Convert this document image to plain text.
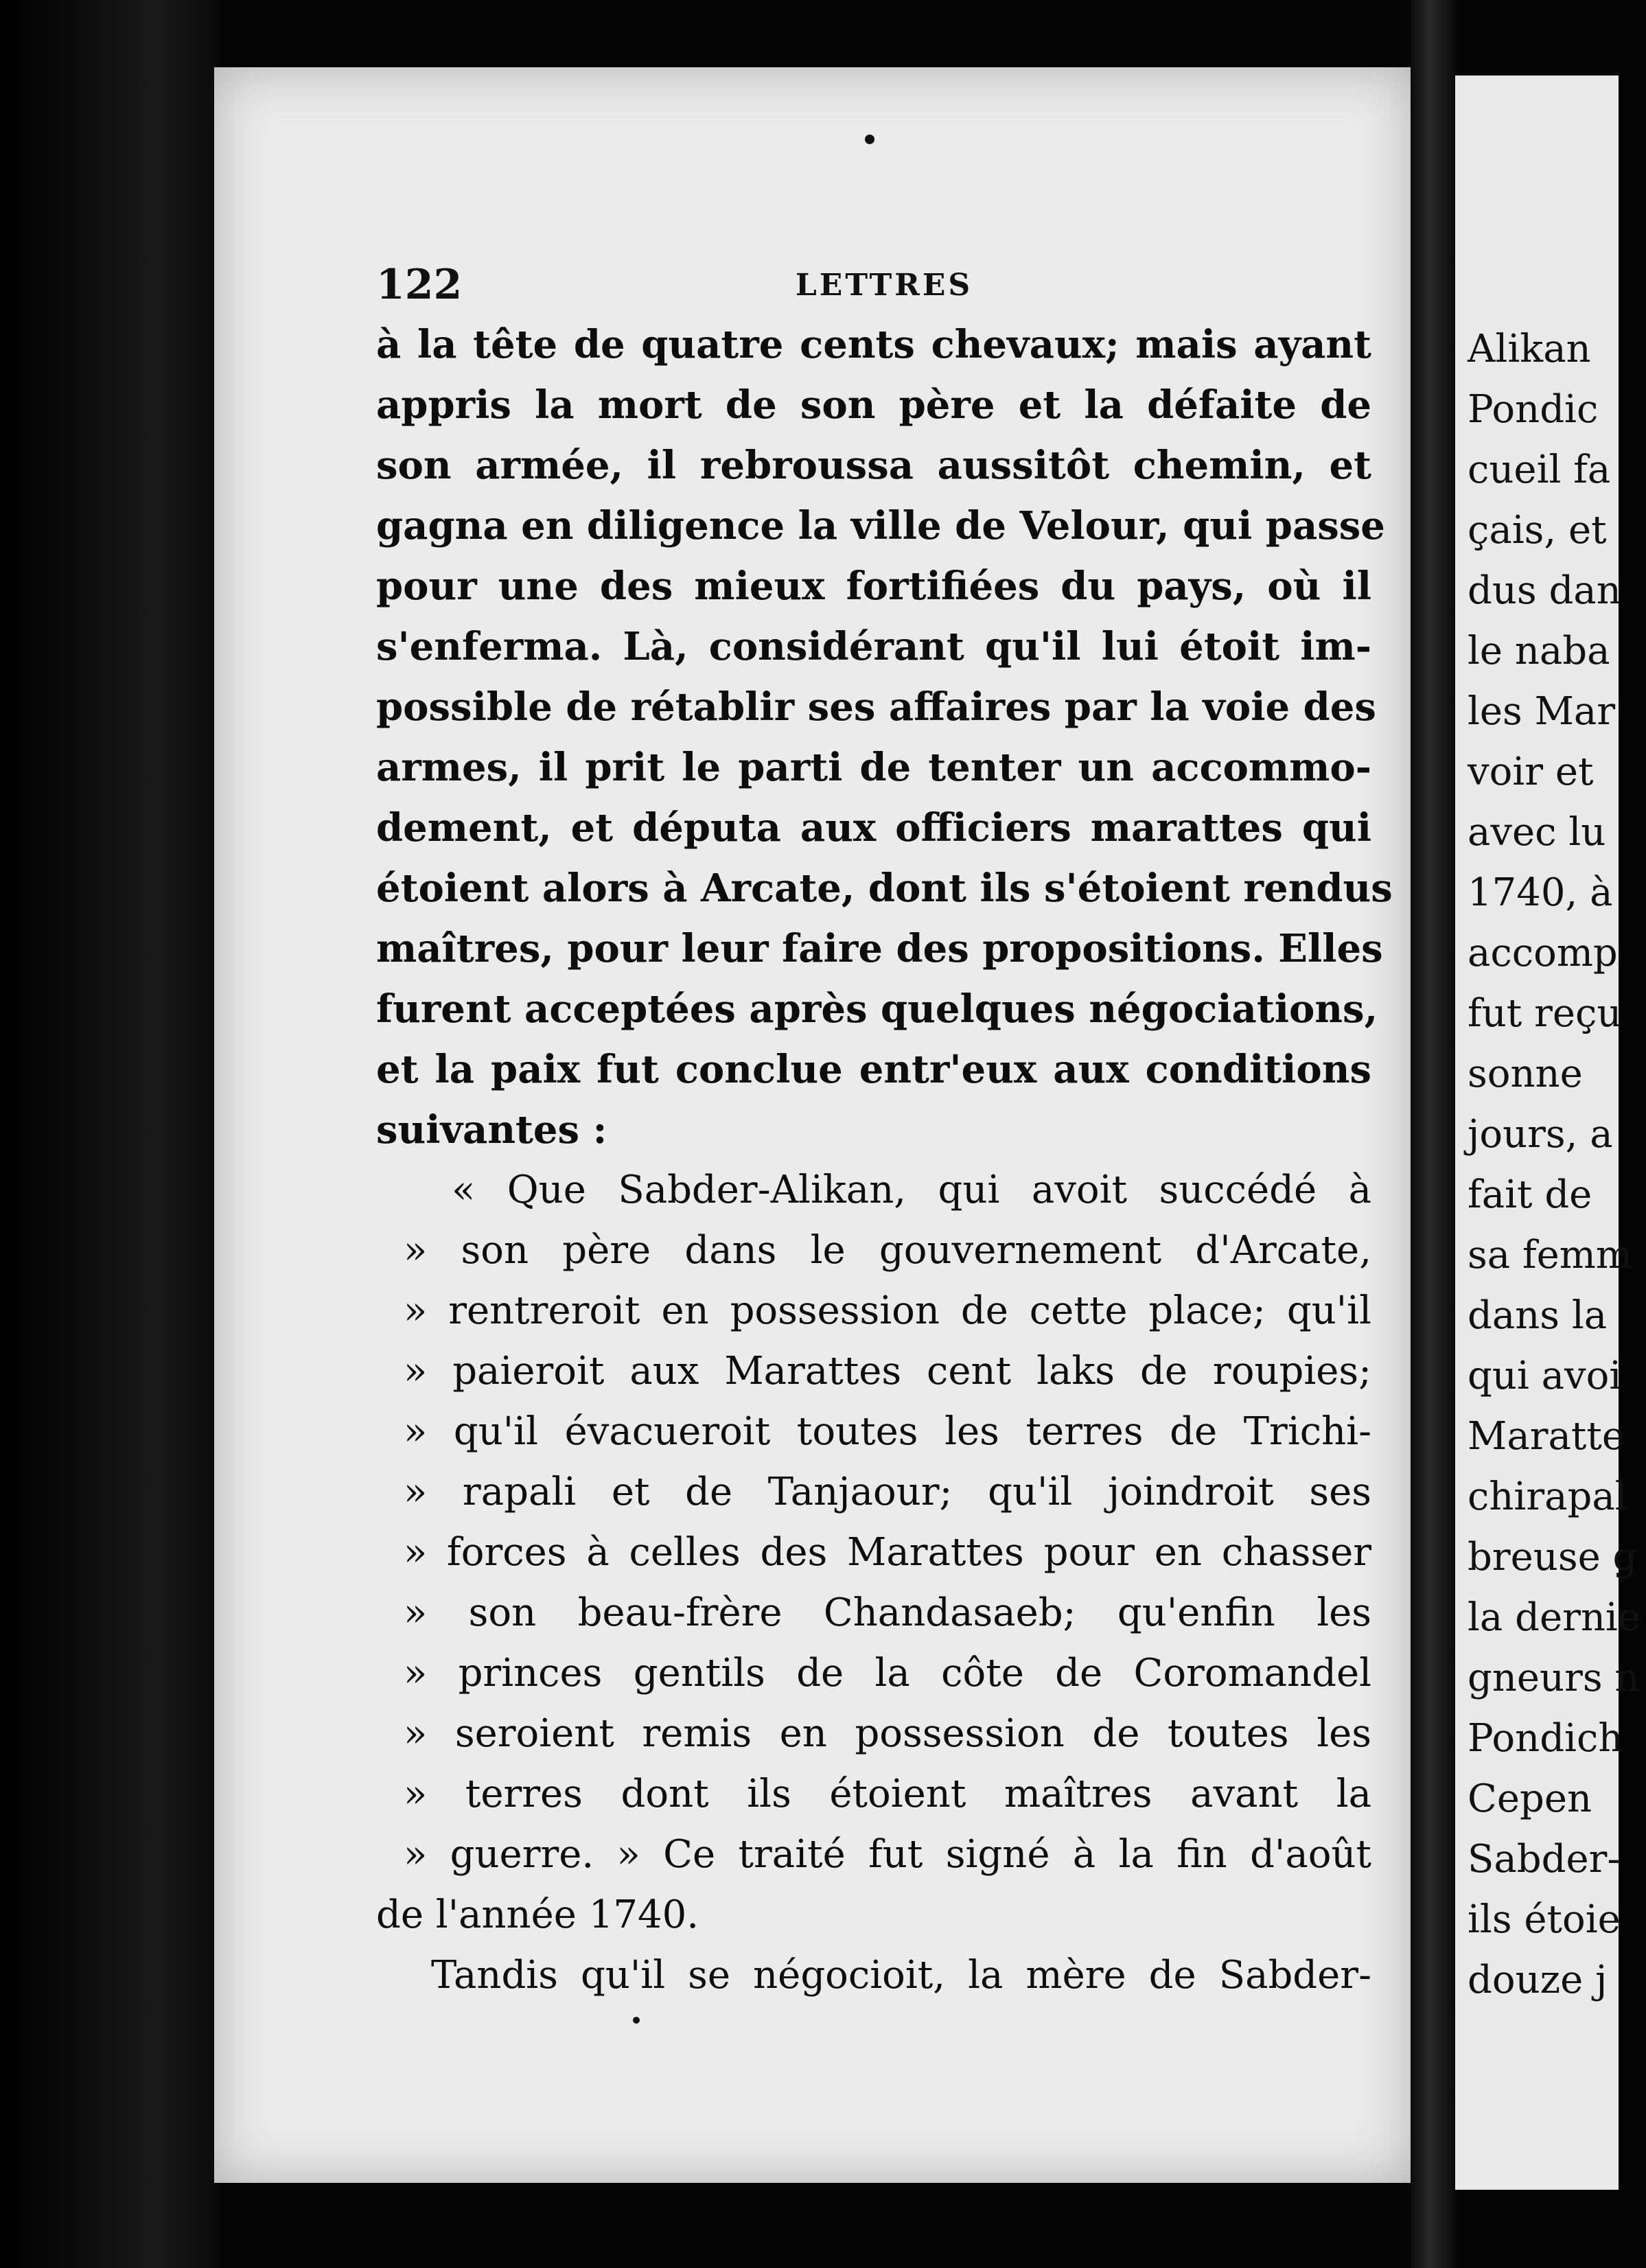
122	LETTRES
à la tête de quatre cents chevaux; mais ayant
appris la mort de son père et la défaite de
son armée, il rebroussa aussitôt chemin, et
gagna en diligence la ville de Velour, qui passe
pour une des mieux fortifiées du pays, où il
s'enferma. Là, considérant qu'il lui étoit im-
possible de rétablir ses affaires par la voie des
armes, il prit le parti de tenter un accommo-
dement, et députa aux officiers marattes qui
étoient alors à Arcate, dont ils s'étoient rendus
maîtres, pour leur faire des propositions. Elles
furent acceptées après quelques négociations,
et la paix fut conclue entr'eux aux conditions
suivantes :
« Que Sabder-Alikan, qui avoit succédé à
» son père dans le gouvernement d'Arcate,
» rentreroit en possession de cette place; qu'il
» paieroit aux Marattes cent laks de roupies;
» qu'il évacueroit toutes les terres de Trichi-
» rapali et de Tanjaour; qu'il joindroit ses
» forces à celles des Marattes pour en chasser
» son beau-frère Chandasaeb; qu'enfin les
» princes gentils de la côte de Coromandel
» seroient remis en possession de toutes les
» terres dont ils étoient maîtres avant la
» guerre. » Ce traité fut signé à la fin d'août
de l'année 1740.
Tandis qu'il se négocioit, la mère de Sabder-
Alikan
Pondic
cueil fa
çais, et
dus dan
le naba
les Mar
voir et
avec lu
1740, à
accomp
fut reçu
sonne
jours, a
fait de
sa femm
dans la
qui avoi
Maratte
chirapal
breuse g
la dernie
gneurs n
Pondich
Cepen
Sabder-
ils étoie
douze j
